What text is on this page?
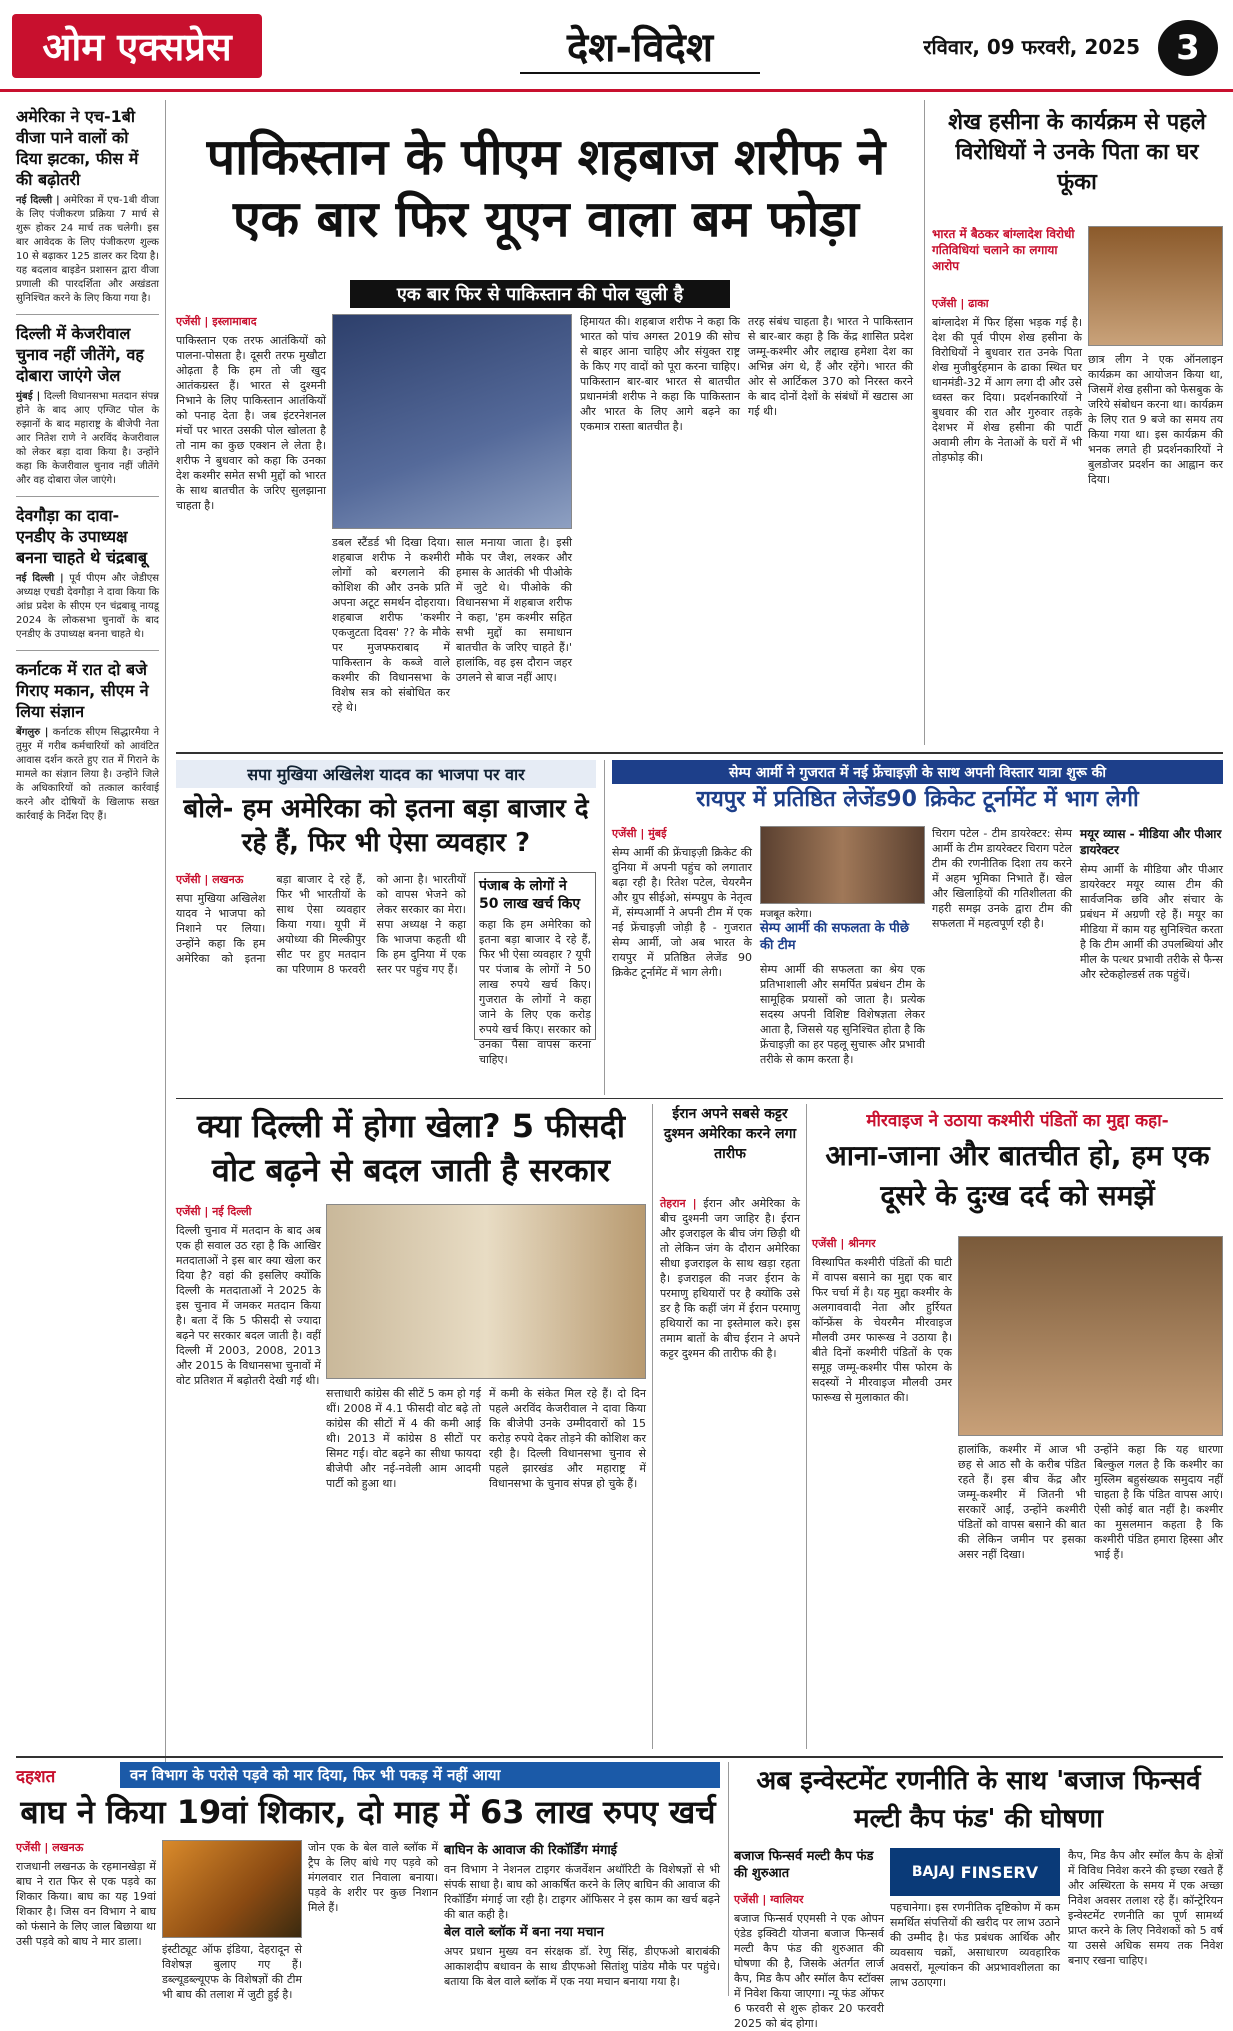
ओम एक्सप्रेस	देश-विदेश	रविवार, 09 फरवरी, 2025	3
अमेरिका ने एच-1बी वीजा पाने वालों को दिया झटका, फीस में की बढ़ोतरी

नई दिल्ली | अमेरिका में एच-1बी वीजा के लिए पंजीकरण प्रक्रिया 7 मार्च से शुरू होकर 24 मार्च तक चलेगी। इस बार आवेदक के लिए पंजीकरण शुल्क 10 से बढ़ाकर 125 डालर कर दिया है। यह बदलाव बाइडेन प्रशासन द्वारा वीजा प्रणाली की पारदर्शिता और अखंडता सुनिश्चित करने के लिए किया गया है।

दिल्ली में केजरीवाल चुनाव नहीं जीतेंगे, वह दोबारा जाएंगे जेल

मुंबई | दिल्ली विधानसभा मतदान संपन्न होने के बाद आए एग्जिट पोल के रुझानों के बाद महाराष्ट्र के बीजेपी नेता आर नितेश राणे ने अरविंद केजरीवाल को लेकर बड़ा दावा किया है। उन्होंने कहा कि केजरीवाल चुनाव नहीं जीतेंगे और वह दोबारा जेल जाएंगे।

देवगौड़ा का दावा- एनडीए के उपाध्यक्ष बनना चाहते थे चंद्रबाबू

नई दिल्ली | पूर्व पीएम और जेडीएस अध्यक्ष एचडी देवगौड़ा ने दावा किया कि आंध्र प्रदेश के सीएम एन चंद्रबाबू नायडू 2024 के लोकसभा चुनावों के बाद एनडीए के उपाध्यक्ष बनना चाहते थे।

कर्नाटक में रात दो बजे गिराए मकान, सीएम ने लिया संज्ञान

बेंगलुरु | कर्नाटक सीएम सिद्धारमैया ने तुमुर में गरीब कर्मचारियों को आवंटित आवास दर्शन करते हुए रात में गिराने के मामले का संज्ञान लिया है। उन्होंने जिले के अधिकारियों को तत्काल कार्रवाई करने और दोषियों के खिलाफ सख्त कार्रवाई के निर्देश दिए हैं।

पाकिस्तान के पीएम शहबाज शरीफ ने एक बार फिर यूएन वाला बम फोड़ा
एक बार फिर से पाकिस्तान की पोल खुली है
एजेंसी | इस्लामाबाद
पाकिस्तान एक तरफ आतंकियों को पालना-पोसता है। दूसरी तरफ मुखौटा ओढ़ता है कि हम तो जी खुद आतंकग्रस्त हैं। भारत से दुश्मनी निभाने के लिए पाकिस्तान आतंकियों को पनाह देता है। जब इंटरनेशनल मंचों पर भारत उसकी पोल खोलता है तो नाम का कुछ एक्शन ले लेता है। शरीफ ने बुधवार को कहा कि उनका देश कश्मीर समेत सभी मुद्दों को भारत के साथ बातचीत के जरिए सुलझाना चाहता है।
डबल स्टैंडर्ड भी दिखा दिया। शहबाज शरीफ ने कश्मीरी लोगों को बरगलाने की कोशिश की और उनके प्रति अपना अटूट समर्थन दोहराया। शहबाज शरीफ 'कश्मीर एकजुटता दिवस' ?? के मौके पर मुजफ्फराबाद में पाकिस्तान के कब्जे वाले कश्मीर की विधानसभा के विशेष सत्र को संबोधित कर रहे थे।
साल मनाया जाता है। इसी मौके पर जैश, लश्कर और हमास के आतंकी भी पीओके में जुटे थे। पीओके की विधानसभा में शहबाज शरीफ ने कहा, 'हम कश्मीर सहित सभी मुद्दों का समाधान बातचीत के जरिए चाहते हैं।' हालांकि, वह इस दौरान जहर उगलने से बाज नहीं आए।
हिमायत की। शहबाज शरीफ ने कहा कि भारत को पांच अगस्त 2019 की सोच से बाहर आना चाहिए और संयुक्त राष्ट्र के किए गए वादों को पूरा करना चाहिए। पाकिस्तान बार-बार भारत से बातचीत प्रधानमंत्री शरीफ ने कहा कि पाकिस्तान और भारत के लिए आगे बढ़ने का एकमात्र रास्ता बातचीत है।
तरह संबंध चाहता है। भारत ने पाकिस्तान से बार-बार कहा है कि केंद्र शासित प्रदेश जम्मू-कश्मीर और लद्दाख हमेशा देश का अभिन्न अंग थे, हैं और रहेंगे। भारत की ओर से आर्टिकल 370 को निरस्त करने के बाद दोनों देशों के संबंधों में खटास आ गई थी।
शेख हसीना के कार्यक्रम से पहले विरोधियों ने उनके पिता का घर फूंका
भारत में बैठकर बांग्लादेश विरोधी गतिविधियां चलाने का लगाया आरोप
एजेंसी | ढाका
बांग्लादेश में फिर हिंसा भड़क गई है। देश की पूर्व पीएम शेख हसीना के विरोधियों ने बुधवार रात उनके पिता शेख मुजीबुर्रहमान के ढाका स्थित घर धानमंडी-32 में आग लगा दी और उसे ध्वस्त कर दिया। प्रदर्शनकारियों ने बुधवार की रात और गुरुवार तड़के देशभर में शेख हसीना की पार्टी अवामी लीग के नेताओं के घरों में भी तोड़फोड़ की।
छात्र लीग ने एक ऑनलाइन कार्यक्रम का आयोजन किया था, जिसमें शेख हसीना को फेसबुक के जरिये संबोधन करना था। कार्यक्रम के लिए रात 9 बजे का समय तय किया गया था। इस कार्यक्रम की भनक लगते ही प्रदर्शनकारियों ने बुलडोजर प्रदर्शन का आह्वान कर दिया।
सपा मुखिया अखिलेश यादव का भाजपा पर वार
बोले- हम अमेरिका को इतना बड़ा बाजार दे रहे हैं, फिर भी ऐसा व्यवहार ?
एजेंसी | लखनऊ
सपा मुखिया अखिलेश यादव ने भाजपा को निशाने पर लिया। उन्होंने कहा कि हम अमेरिका को इतना बड़ा बाजार दे रहे हैं, फिर भी भारतीयों के साथ ऐसा व्यवहार किया गया। यूपी में अयोध्या की मिल्कीपुर सीट पर हुए मतदान का परिणाम 8 फरवरी को आना है। भारतीयों को वापस भेजने को लेकर सरकार का मेरा। सपा अध्यक्ष ने कहा कि भाजपा कहती थी कि हम दुनिया में एक स्तर पर पहुंच गए हैं।
पंजाब के लोगों ने 50 लाख खर्च किए
कहा कि हम अमेरिका को इतना बड़ा बाजार दे रहे हैं, फिर भी ऐसा व्यवहार ? यूपी पर पंजाब के लोगों ने 50 लाख रुपये खर्च किए। गुजरात के लोगों ने कहा जाने के लिए एक करोड़ रुपये खर्च किए। सरकार को उनका पैसा वापस करना चाहिए।
सेम्प आर्मी ने गुजरात में नई फ्रेंचाइज़ी के साथ अपनी विस्तार यात्रा शुरू की
रायपुर में प्रतिष्ठित लेजेंड90 क्रिकेट टूर्नामेंट में भाग लेगी
एजेंसी | मुंबई
सेम्प आर्मी की फ्रेंचाइज़ी क्रिकेट की दुनिया में अपनी पहुंच को लगातार बढ़ा रही है। रितेश पटेल, चेयरमैन और ग्रुप सीईओ, संम्पग्रुप के नेतृत्व में, संम्पआर्मी ने अपनी टीम में एक नई फ्रेंचाइज़ी जोड़ी है - गुजरात सेम्प आर्मी, जो अब भारत के रायपुर में प्रतिष्ठित लेजेंड 90 क्रिकेट टूर्नामेंट में भाग लेगी।
मजबूत करेगा।
सेम्प आर्मी की सफलता के पीछे की टीम
सेम्प आर्मी की सफलता का श्रेय एक प्रतिभाशाली और समर्पित प्रबंधन टीम के सामूहिक प्रयासों को जाता है। प्रत्येक सदस्य अपनी विशिष्ट विशेषज्ञता लेकर आता है, जिससे यह सुनिश्चित होता है कि फ्रेंचाइज़ी का हर पहलू सुचारू और प्रभावी तरीके से काम करता है।
चिराग पटेल - टीम डायरेक्टर: सेम्प आर्मी के टीम डायरेक्टर चिराग पटेल टीम की रणनीतिक दिशा तय करने में अहम भूमिका निभाते हैं। खेल और खिलाड़ियों की गतिशीलता की गहरी समझ उनके द्वारा टीम की सफलता में महत्वपूर्ण रही है।
मयूर व्यास - मीडिया और पीआर डायरेक्टर
सेम्प आर्मी के मीडिया और पीआर डायरेक्टर मयूर व्यास टीम की सार्वजनिक छवि और संचार के प्रबंधन में अग्रणी रहे हैं। मयूर का मीडिया में काम यह सुनिश्चित करता है कि टीम आर्मी की उपलब्धियां और मील के पत्थर प्रभावी तरीके से फैन्स और स्टेकहोल्डर्स तक पहुंचें।
क्या दिल्ली में होगा खेला? 5 फीसदी वोट बढ़ने से बदल जाती है सरकार
एजेंसी | नई दिल्ली
दिल्ली चुनाव में मतदान के बाद अब एक ही सवाल उठ रहा है कि आखिर मतदाताओं ने इस बार क्या खेला कर दिया है? वहां की इसलिए क्योंकि दिल्ली के मतदाताओं ने 2025 के इस चुनाव में जमकर मतदान किया है। बता दें कि 5 फीसदी से ज्यादा बढ़ने पर सरकार बदल जाती है। वहीं दिल्ली में 2003, 2008, 2013 और 2015 के विधानसभा चुनावों में वोट प्रतिशत में बढ़ोतरी देखी गई थी।
सत्ताधारी कांग्रेस की सीटें 5 कम हो गई थीं। 2008 में 4.1 फीसदी वोट बढ़े तो कांग्रेस की सीटों में 4 की कमी आई थी। 2013 में कांग्रेस 8 सीटों पर सिमट गई। वोट बढ़ने का सीधा फायदा बीजेपी और नई-नवेली आम आदमी पार्टी को हुआ था।
में कमी के संकेत मिल रहे हैं। दो दिन पहले अरविंद केजरीवाल ने दावा किया कि बीजेपी उनके उम्मीदवारों को 15 करोड़ रुपये देकर तोड़ने की कोशिश कर रही है। दिल्ली विधानसभा चुनाव से पहले झारखंड और महाराष्ट्र में विधानसभा के चुनाव संपन्न हो चुके हैं।
ईरान अपने सबसे कट्टर दुश्मन अमेरिका करने लगा तारीफ
तेहरान | ईरान और अमेरिका के बीच दुश्मनी जग जाहिर है। ईरान और इजराइल के बीच जंग छिड़ी थी तो लेकिन जंग के दौरान अमेरिका सीधा इजराइल के साथ खड़ा रहता है। इजराइल की नजर ईरान के परमाणु हथियारों पर है क्योंकि उसे डर है कि कहीं जंग में ईरान परमाणु हथियारों का ना इस्तेमाल करे। इस तमाम बातों के बीच ईरान ने अपने कट्टर दुश्मन की तारीफ की है।
मीरवाइज ने उठाया कश्मीरी पंडितों का मुद्दा कहा-
आना-जाना और बातचीत हो, हम एक दूसरे के दुःख दर्द को समझें
एजेंसी | श्रीनगर
विस्थापित कश्मीरी पंडितों की घाटी में वापस बसाने का मुद्दा एक बार फिर चर्चा में है। यह मुद्दा कश्मीर के अलगाववादी नेता और हुर्रियत कॉन्फ्रेंस के चेयरमैन मीरवाइज मौलवी उमर फारूख ने उठाया है। बीते दिनों कश्मीरी पंडितों के एक समूह जम्मू-कश्मीर पीस फोरम के सदस्यों ने मीरवाइज मौलवी उमर फारूख से मुलाकात की।
हालांकि, कश्मीर में आज भी छह से आठ सौ के करीब पंडित रहते हैं। इस बीच केंद्र और जम्मू-कश्मीर में जितनी भी सरकारें आईं, उन्होंने कश्मीरी पंडितों को वापस बसाने की बात की लेकिन जमीन पर इसका असर नहीं दिखा।
उन्होंने कहा कि यह धारणा बिल्कुल गलत है कि कश्मीर का मुस्लिम बहुसंख्यक समुदाय नहीं चाहता है कि पंडित वापस आएं। ऐसी कोई बात नहीं है। कश्मीर का मुसलमान कहता है कि कश्मीरी पंडित हमारा हिस्सा और भाई हैं।
दहशत	वन विभाग के परोसे पड़वे को मार दिया, फिर भी पकड़ में नहीं आया
बाघ ने किया 19वां शिकार, दो माह में 63 लाख रुपए खर्च
एजेंसी | लखनऊ
राजधानी लखनऊ के रहमानखेड़ा में बाघ ने रात फिर से एक पड़वे का शिकार किया। बाघ का यह 19वां शिकार है। जिस वन विभाग ने बाघ को फंसाने के लिए जाल बिछाया था उसी पड़वे को बाघ ने मार डाला।
इंस्टीट्यूट ऑफ इंडिया, देहरादून से विशेषज्ञ बुलाए गए हैं। डब्ल्यूडब्ल्यूएफ के विशेषज्ञों की टीम भी बाघ की तलाश में जुटी हुई है।
जोन एक के बेल वाले ब्लॉक में ट्रैप के लिए बांधे गए पड़वे को मंगलवार रात निवाला बनाया। पड़वे के शरीर पर कुछ निशान मिले हैं।
बाघिन के आवाज की रिकॉर्डिंग मंगाई
वन विभाग ने नेशनल टाइगर कंजर्वेशन अथॉरिटी के विशेषज्ञों से भी संपर्क साधा है। बाघ को आकर्षित करने के लिए बाघिन की आवाज की रिकॉर्डिंग मंगाई जा रही है। टाइगर ऑफिसर ने इस काम का खर्च बढ़ने की बात कही है।
बेल वाले ब्लॉक में बना नया मचान
अपर प्रधान मुख्य वन संरक्षक डॉ. रेणु सिंह, डीएफओ बाराबंकी आकाशदीप बधावन के साथ डीएफओ सितांशु पांडेय मौके पर पहुंचे। बताया कि बेल वाले ब्लॉक में एक नया मचान बनाया गया है।
अब इन्वेस्टमेंट रणनीति के साथ 'बजाज फिन्सर्व मल्टी कैप फंड' की घोषणा
बजाज फिन्सर्व मल्टी कैप फंड की शुरुआत
एजेंसी | ग्वालियर
बजाज फिन्सर्व एएमसी ने एक ओपन एंडेड इक्विटी योजना बजाज फिन्सर्व मल्टी कैप फंड की शुरुआत की घोषणा की है, जिसके अंतर्गत लार्ज कैप, मिड कैप और स्मॉल कैप स्टॉक्स में निवेश किया जाएगा। न्यू फंड ऑफर 6 फरवरी से शुरू होकर 20 फरवरी 2025 को बंद होगा।
BAJAJ FINSERV
पहचानेगा। इस रणनीतिक दृष्टिकोण में कम समर्थित संपत्तियों की खरीद पर लाभ उठाने की उम्मीद है। फंड प्रबंधक आर्थिक और व्यवसाय चक्रों, असाधारण व्यवहारिक अवसरों, मूल्यांकन की अप्रभावशीलता का लाभ उठाएगा।
कैप, मिड कैप और स्मॉल कैप के क्षेत्रों में विविध निवेश करने की इच्छा रखते हैं और अस्थिरता के समय में एक अच्छा निवेश अवसर तलाश रहे हैं। कॉन्ट्रेरियन इन्वेस्टमेंट रणनीति का पूर्ण सामर्थ्य प्राप्त करने के लिए निवेशकों को 5 वर्ष या उससे अधिक समय तक निवेश बनाए रखना चाहिए।
